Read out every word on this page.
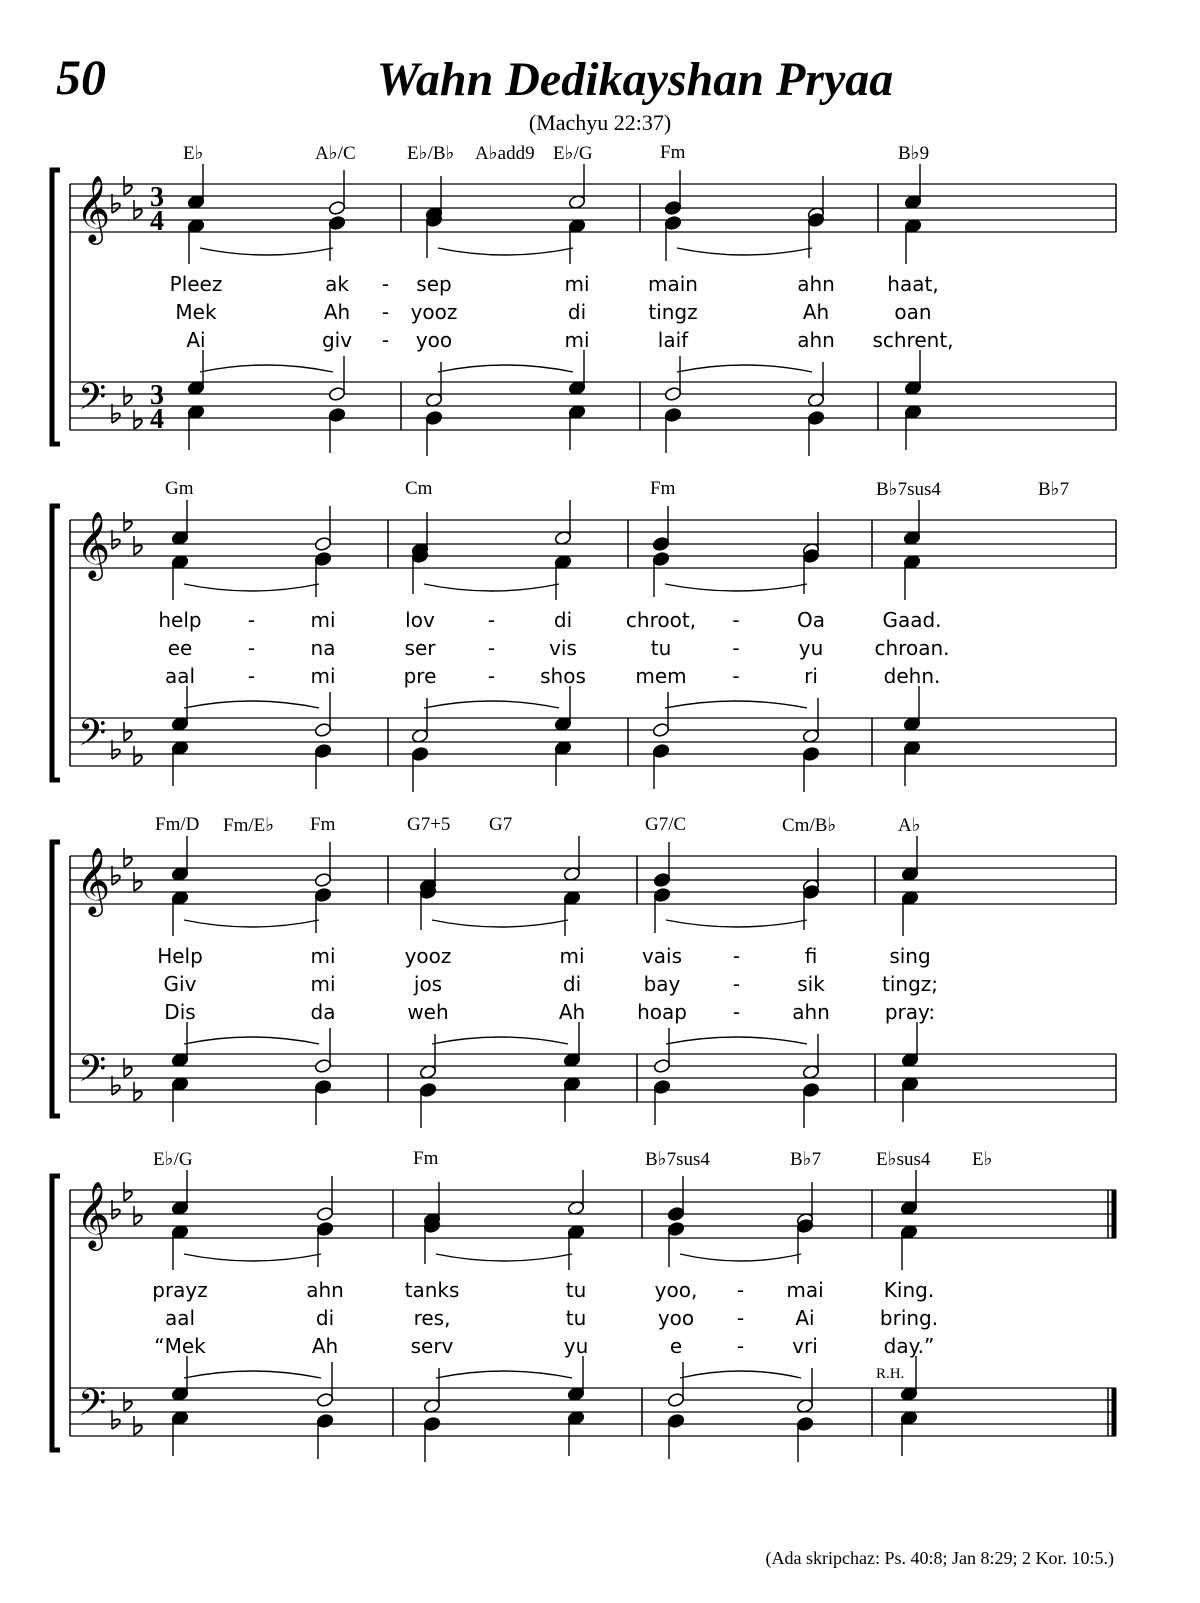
50	Wahn Dedikayshan Pryaa
(Machyu 22:37)
𝄞
𝄢
3
4
3
4
E♭	A♭/C	E♭/B♭ A♭add9 E♭/G	Fm	B♭9
Pleez	ak	sep	mi	main	ahn	haat,
-
Mek	Ah	yooz	di	tingz	Ah	oan
-
Ai	giv	yoo	mi	laif	ahn schrent,
-
𝄞
𝄢
Gm	Cm	Fm	B♭7sus4	B♭7
help	mi	lov	di	chroot,	Oa	Gaad.
-	-	-
ee	na	ser	vis	tu	yu	chroan.
-	-	-
aal	mi	pre	shos mem	ri	dehn.
-	-	-
𝄞
𝄢
Fm/D Fm/E♭ Fm	G7+5 G7	G7/C	Cm/B♭	A♭
Help	mi	yooz	mi	vais	fi	sing
-
Giv	mi	jos	di	bay	sik	tingz;
-
Dis	da	weh	Ah	hoap	ahn	pray:
-
𝄞
𝄢
E♭/G	Fm	B♭7sus4	B♭7	E♭sus4 E♭
prayz	ahn	tanks	tu	yoo,	mai	King.
-
aal	di	res,	tu	yoo	Ai	bring.
-
“Mek	Ah	serv	yu	e	vri	day.”
-
R.H.
(Ada skripchaz: Ps. 40:8; Jan 8:29; 2 Kor. 10:5.)
